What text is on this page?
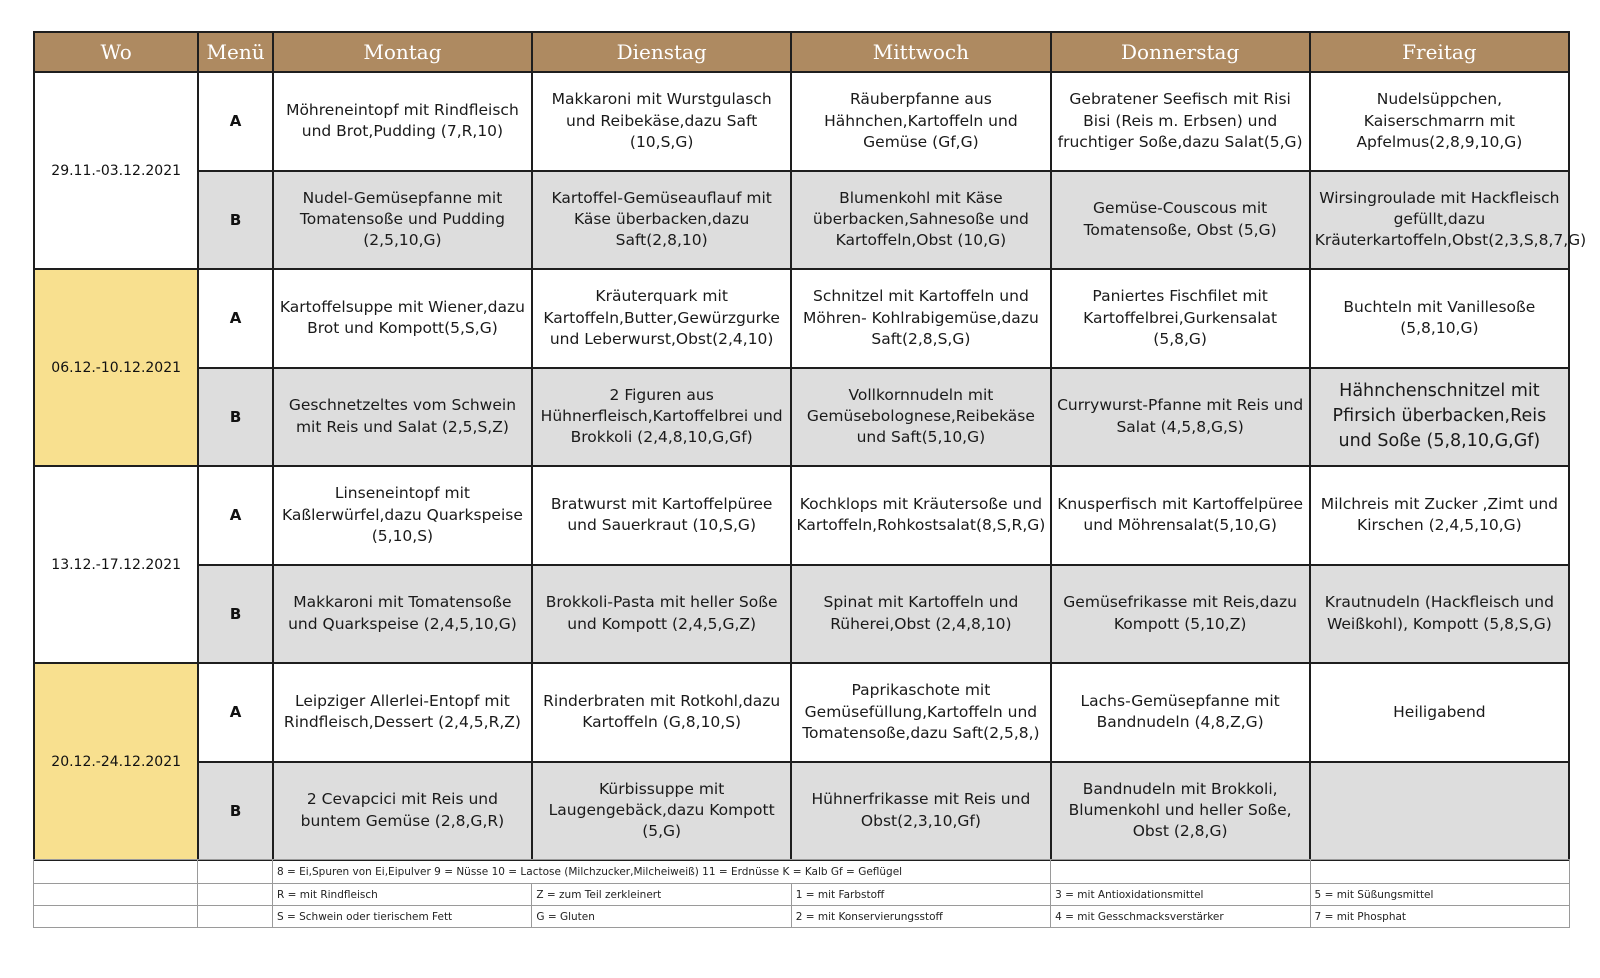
Wo	Menü	Montag	Dienstag	Mittwoch	Donnerstag	Freitag
29.11.-03.12.2021	A	Möhreneintopf mit Rindfleisch und Brot,Pudding (7,R,10)	Makkaroni mit Wurstgulasch und Reibekäse,dazu Saft (10,S,G)	Räuberpfanne aus Hähnchen,Kartoffeln und Gemüse (Gf,G)	Gebratener Seefisch mit Risi Bisi (Reis m. Erbsen) und fruchtiger Soße,dazu Salat(5,G)	Nudelsüppchen, Kaiserschmarrn mit Apfelmus(2,8,9,10,G)
	B	Nudel-Gemüsepfanne mit Tomatensoße und Pudding (2,5,10,G)	Kartoffel-Gemüseauflauf mit Käse überbacken,dazu Saft(2,8,10)	Blumenkohl mit Käse überbacken,Sahnesoße und Kartoffeln,Obst (10,G)	Gemüse-Couscous mit Tomatensoße, Obst (5,G)	Wirsingroulade mit Hackfleisch gefüllt,dazu Kräuterkartoffeln,Obst(2,3,S,8,7,G)
06.12.-10.12.2021	A	Kartoffelsuppe mit Wiener,dazu Brot und Kompott(5,S,G)	Kräuterquark mit Kartoffeln,Butter,Gewürzgurke und Leberwurst,Obst(2,4,10)	Schnitzel mit Kartoffeln und Möhren- Kohlrabigemüse,dazu Saft(2,8,S,G)	Paniertes Fischfilet mit Kartoffelbrei,Gurkensalat (5,8,G)	Buchteln mit Vanillesoße (5,8,10,G)
	B	Geschnetzeltes vom Schwein mit Reis und Salat (2,5,S,Z)	2 Figuren aus Hühnerfleisch,Kartoffelbrei und Brokkoli (2,4,8,10,G,Gf)	Vollkornnudeln mit Gemüsebolognese,Reibekäse und Saft(5,10,G)	Currywurst-Pfanne mit Reis und Salat (4,5,8,G,S)	Hähnchenschnitzel mit Pfirsich überbacken,Reis und Soße (5,8,10,G,Gf)
13.12.-17.12.2021	A	Linseneintopf mit Kaßlerwürfel,dazu Quarkspeise (5,10,S)	Bratwurst mit Kartoffelpüree und Sauerkraut (10,S,G)	Kochklops mit Kräutersoße und Kartoffeln,Rohkostsalat(8,S,R,G)	Knusperfisch mit Kartoffelpüree und Möhrensalat(5,10,G)	Milchreis mit Zucker ,Zimt und Kirschen (2,4,5,10,G)
	B	Makkaroni mit Tomatensoße und Quarkspeise (2,4,5,10,G)	Brokkoli-Pasta mit heller Soße und Kompott (2,4,5,G,Z)	Spinat mit Kartoffeln und Rüherei,Obst (2,4,8,10)	Gemüsefrikasse mit Reis,dazu Kompott (5,10,Z)	Krautnudeln (Hackfleisch und Weißkohl), Kompott (5,8,S,G)
20.12.-24.12.2021	A	Leipziger Allerlei-Entopf mit Rindfleisch,Dessert (2,4,5,R,Z)	Rinderbraten mit Rotkohl,dazu Kartoffeln (G,8,10,S)	Paprikaschote mit Gemüsefüllung,Kartoffeln und Tomatensoße,dazu Saft(2,5,8,)	Lachs-Gemüsepfanne mit Bandnudeln (4,8,Z,G)	Heiligabend
	B	2 Cevapcici mit Reis und buntem Gemüse (2,8,G,R)	Kürbissuppe mit Laugengebäck,dazu Kompott (5,G)	Hühnerfrikasse mit Reis und Obst(2,3,10,Gf)	Bandnudeln mit Brokkoli, Blumenkohl und heller Soße, Obst (2,8,G)	
		8 = Ei,Spuren von Ei,Eipulver 9 = Nüsse 10 = Lactose (Milchzucker,Milcheiweiß) 11 = Erdnüsse K = Kalb Gf = Geflügel				
		R = mit Rindfleisch	Z = zum Teil zerkleinert	1 = mit Farbstoff	3 = mit Antioxidationsmittel	5 = mit Süßungsmittel
		S = Schwein oder tierischem Fett	G = Gluten	2 = mit Konservierungsstoff	4 = mit Gesschmacksverstärker	7 = mit Phosphat
